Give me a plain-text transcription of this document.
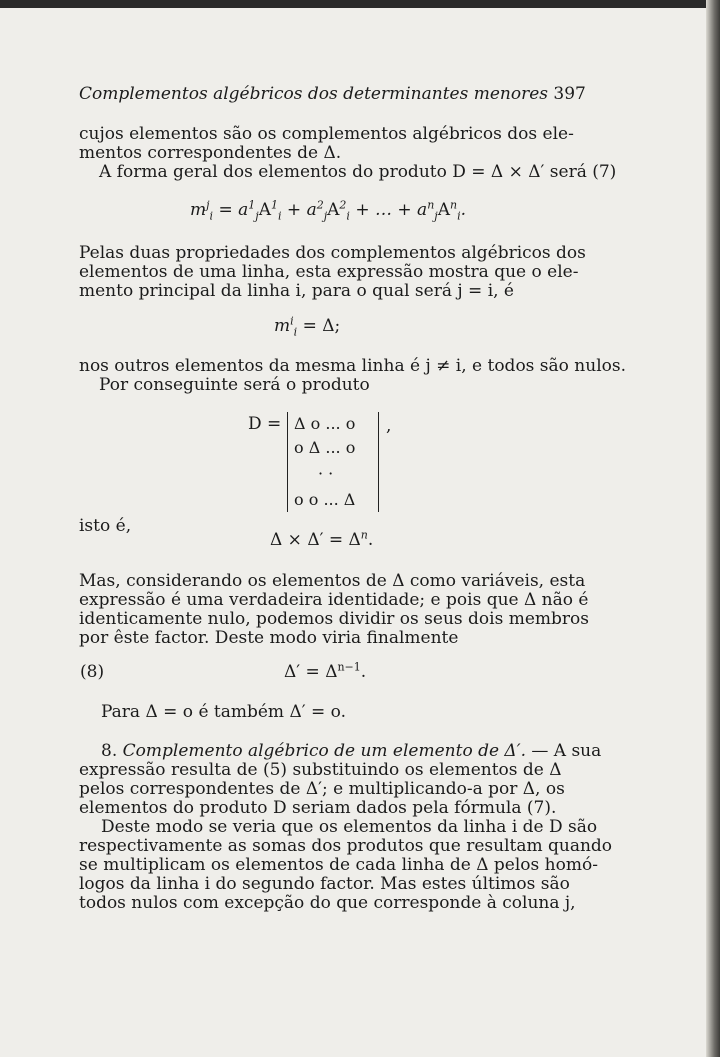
Complementos algébricos dos determinantes menores 397
cujos elementos são os complementos algébricos dos ele-
mentos correspondentes de Δ.
A forma geral dos elementos do produto D = Δ × Δ′ será (7)
$m^j_i = a^1_jA^1_i + a^2_jA^2_i$ + … + $a^n_jA^n_i$.
Pelas duas propriedades dos complementos algébricos dos
elementos de uma linha, esta expressão mostra que o ele-
mento principal da linha i, para o qual será j = i, é
$m^i_i = \Delta$;
nos outros elementos da mesma linha é j ≠ i, e todos são nulos.
Por conseguinte será o produto
D = Δ o ... o
o Δ ... o
· ·
o o ... Δ
,
isto é,
$\Delta \times \Delta' = \Delta^n$.
Mas, considerando os elementos de Δ como variáveis, esta
expressão é uma verdadeira identidade; e pois que Δ não é
identicamente nulo, podemos dividir os seus dois membros
por êste factor. Deste modo viria finalmente
(8)	$\Delta' = \Delta^{n-1}$.
Para Δ = o é também Δ′ = o.
8. Complemento algébrico de um elemento de Δ′. — A sua
expressão resulta de (5) substituindo os elementos de Δ
pelos correspondentes de Δ′; e multiplicando-a por Δ, os
elementos do produto D seriam dados pela fórmula (7).
Deste modo se veria que os elementos da linha i de D são
respectivamente as somas dos produtos que resultam quando
se multiplicam os elementos de cada linha de Δ pelos homó-
logos da linha i do segundo factor. Mas estes últimos são
todos nulos com excepção do que corresponde à coluna j,
